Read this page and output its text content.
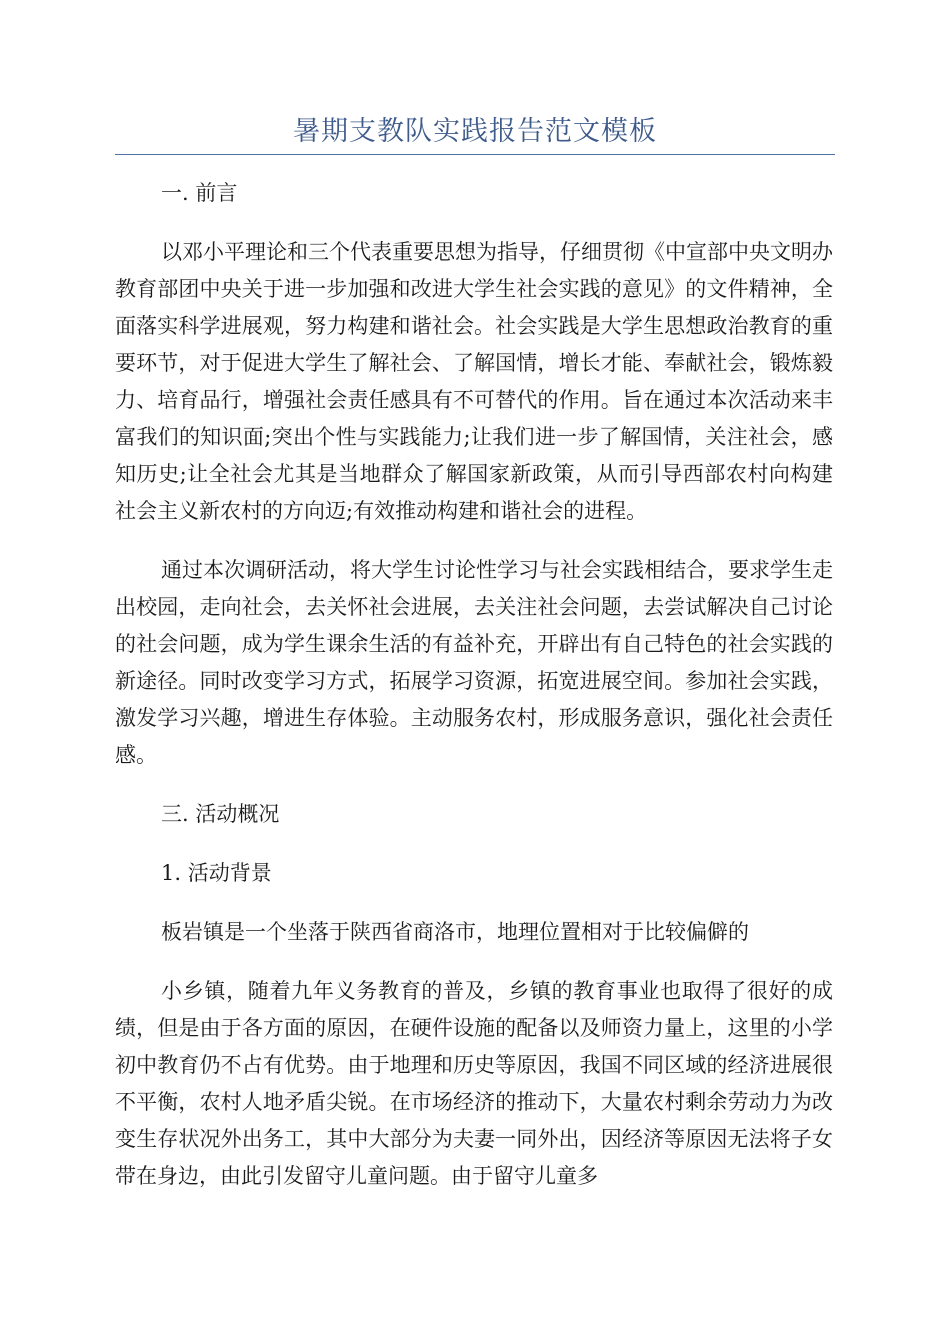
暑期支教队实践报告范文模板

一. 前言

以邓小平理论和三个代表重要思想为指导，仔细贯彻《中宣部中央文明办教育部团中央关于进一步加强和改进大学生社会实践的意见》的文件精神，全面落实科学进展观，努力构建和谐社会。社会实践是大学生思想政治教育的重要环节，对于促进大学生了解社会、了解国情，增长才能、奉献社会，锻炼毅力、培育品行，增强社会责任感具有不可替代的作用。旨在通过本次活动来丰富我们的知识面;突出个性与实践能力;让我们进一步了解国情，关注社会，感知历史;让全社会尤其是当地群众了解国家新政策，从而引导西部农村向构建社会主义新农村的方向迈;有效推动构建和谐社会的进程。

通过本次调研活动，将大学生讨论性学习与社会实践相结合，要求学生走出校园，走向社会，去关怀社会进展，去关注社会问题，去尝试解决自己讨论的社会问题，成为学生课余生活的有益补充，开辟出有自己特色的社会实践的新途径。同时改变学习方式，拓展学习资源，拓宽进展空间。参加社会实践，激发学习兴趣，增进生存体验。主动服务农村，形成服务意识，强化社会责任感。

三. 活动概况

1. 活动背景

板岩镇是一个坐落于陕西省商洛市，地理位置相对于比较偏僻的

小乡镇，随着九年义务教育的普及，乡镇的教育事业也取得了很好的成绩，但是由于各方面的原因，在硬件设施的配备以及师资力量上，这里的小学初中教育仍不占有优势。由于地理和历史等原因，我国不同区域的经济进展很不平衡，农村人地矛盾尖锐。在市场经济的推动下，大量农村剩余劳动力为改变生存状况外出务工，其中大部分为夫妻一同外出，因经济等原因无法将子女带在身边，由此引发留守儿童问题。由于留守儿童多
